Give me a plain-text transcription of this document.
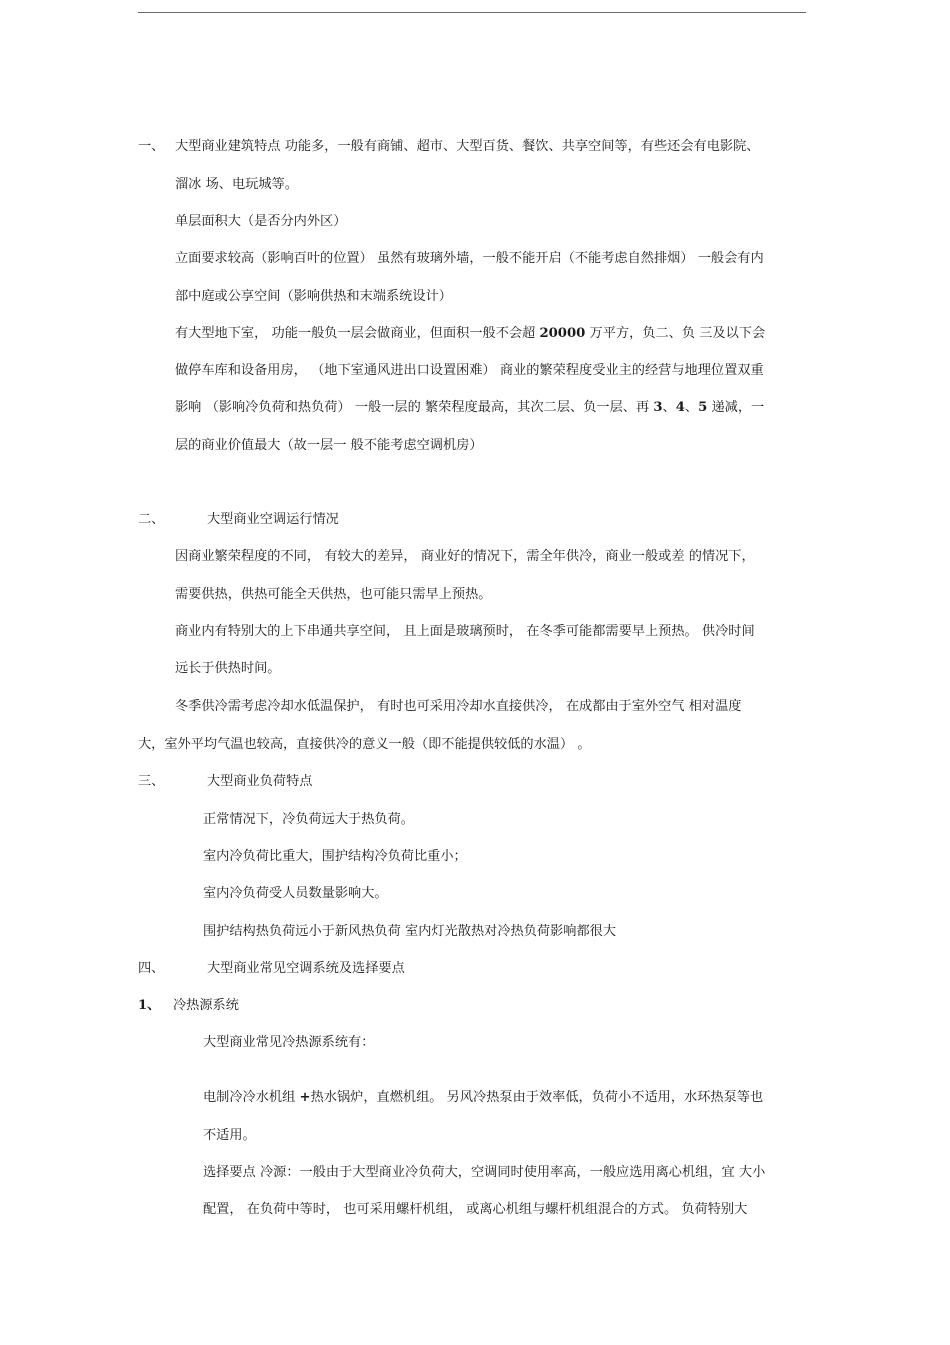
一、 大型商业建筑特点 功能多，一般有商铺、超市、大型百货、餐饮、共享空间等，有些还会有电影院、
溜冰 场、电玩城等。
单层面积大（是否分内外区）
立面要求较高（影响百叶的位置） 虽然有玻璃外墙，一般不能开启（不能考虑自然排烟） 一般会有内
部中庭或公享空间（影响供热和末端系统设计）
有大型地下室， 功能一般负一层会做商业，但面积一般不会超 20000 万平方，负二、负 三及以下会
做停车库和设备用房， （地下室通风进出口设置困难） 商业的繁荣程度受业主的经营与地理位置双重
影响 （影响冷负荷和热负荷） 一般一层的 繁荣程度最高，其次二层、负一层、再 3、4、5 递减，一
层的商业价值最大（故一层一 般不能考虑空调机房）
二、	大型商业空调运行情况
因商业繁荣程度的不同， 有较大的差异， 商业好的情况下，需全年供冷，商业一般或差 的情况下，
需要供热，供热可能全天供热，也可能只需早上预热。
商业内有特别大的上下串通共享空间， 且上面是玻璃预时， 在冬季可能都需要早上预热。 供冷时间
远长于供热时间。
冬季供冷需考虑冷却水低温保护， 有时也可采用冷却水直接供冷， 在成都由于室外空气 相对温度
大，室外平均气温也较高，直接供冷的意义一般（即不能提供较低的水温） 。
三、	大型商业负荷特点
正常情况下，冷负荷远大于热负荷。
室内冷负荷比重大，围护结构冷负荷比重小；
室内冷负荷受人员数量影响大。
围护结构热负荷远小于新风热负荷 室内灯光散热对冷热负荷影响都很大
四、	大型商业常见空调系统及选择要点
1、 冷热源系统
大型商业常见冷热源系统有：
电制冷冷水机组 +热水锅炉，直燃机组。 另风冷热泵由于效率低，负荷小不适用，水环热泵等也
不适用。
选择要点 冷源：一般由于大型商业冷负荷大，空调同时使用率高，一般应选用离心机组，宜 大小
配置， 在负荷中等时， 也可采用螺杆机组， 或离心机组与螺杆机组混合的方式。 负荷特别大
